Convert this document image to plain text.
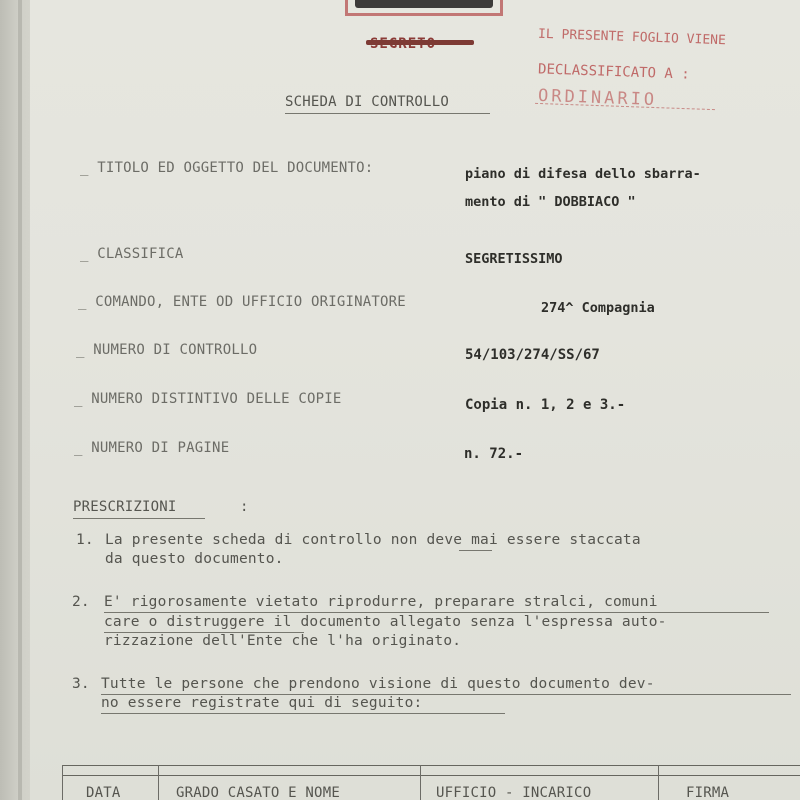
IL PRESENTE FOGLIO VIENE
DECLASSIFICATO A :
ORDINARIO
SCHEDA DI CONTROLLO
_ TITOLO ED OGGETTO DEL DOCUMENTO:	piano di difesa dello sbarra-
mento di " DOBBIACO "
_ CLASSIFICA	SEGRETISSIMO
_ COMANDO, ENTE OD UFFICIO ORIGINATORE	274^ Compagnia
_ NUMERO DI CONTROLLO	54/103/274/SS/67
_ NUMERO DISTINTIVO DELLE COPIE	Copia n. 1, 2 e 3.-
_ NUMERO DI PAGINE	n. 72.-
PRESCRIZIONI	:
1. La presente scheda di controllo non deve mai essere staccata
da questo documento.
2. E' rigorosamente vietato riprodurre, preparare stralci, comuni
care o distruggere il documento allegato senza l'espressa auto-
rizzazione dell'Ente che l'ha originato.
3. Tutte le persone che prendono visione di questo documento dev-
no essere registrate qui di seguito:
DATA	GRADO CASATO E NOME	UFFICIO - INCARICO	FIRMA
